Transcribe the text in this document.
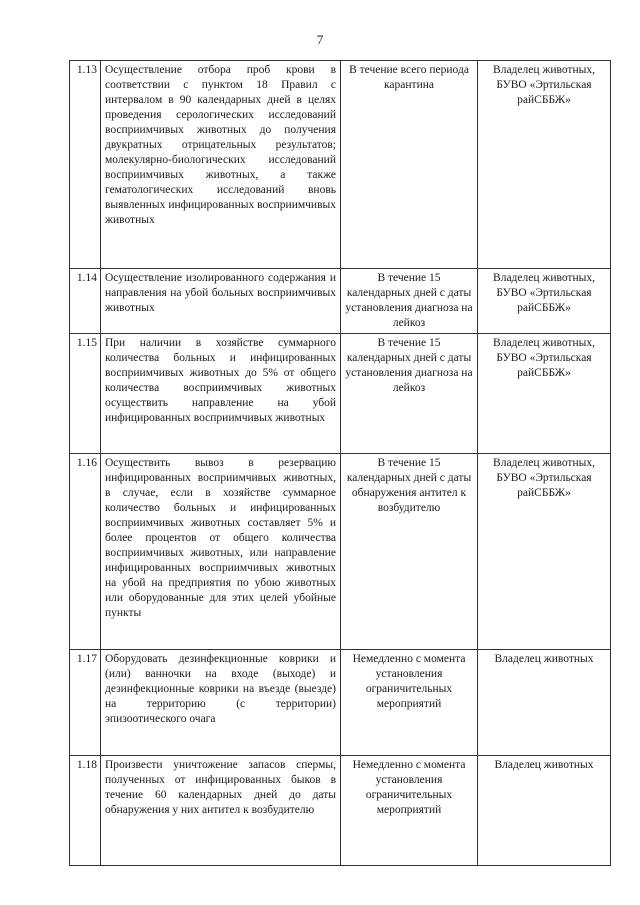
7
1.13	Осуществление отбора проб крови в соответствии с пунктом 18 Правил с интервалом в 90 календарных дней в целях проведения серологических исследований восприимчивых животных до получения двукратных отрицательных результатов; молекулярно-биологических исследований восприимчивых животных, а также гематологических исследований вновь выявленных инфицированных восприимчивых животных	В течение всего периода карантина	Владелец животных, БУВО «Эртильская райСББЖ»
1.14	Осуществление изолированного содержания и направления на убой больных восприимчивых животных	В течение 15 календарных дней с даты установления диагноза на лейкоз	Владелец животных, БУВО «Эртильская райСББЖ»
1.15	При наличии в хозяйстве суммарного количества больных и инфицированных восприимчивых животных до 5% от общего количества восприимчивых животных осуществить направление на убой инфицированных восприимчивых животных	В течение 15 календарных дней с даты установления диагноза на лейкоз	Владелец животных, БУВО «Эртильская райСББЖ»
1.16	Осуществить вывоз в резервацию инфицированных восприимчивых животных, в случае, если в хозяйстве суммарное количество больных и инфицированных восприимчивых животных составляет 5% и более процентов от общего количества восприимчивых животных, или направление инфицированных восприимчивых животных на убой на предприятия по убою животных или оборудованные для этих целей убойные пункты	В течение 15 календарных дней с даты обнаружения антител к возбудителю	Владелец животных, БУВО «Эртильская райСББЖ»
1.17	Оборудовать дезинфекционные коврики и (или) ванночки на входе (выходе) и дезинфекционные коврики на въезде (выезде) на территорию (с территории) эпизоотического очага	Немедленно с момента установления ограничительных мероприятий	Владелец животных
1.18	Произвести уничтожение запасов спермы, полученных от инфицированных быков в течение 60 календарных дней до даты обнаружения у них антител к возбудителю	Немедленно с момента установления ограничительных мероприятий	Владелец животных
